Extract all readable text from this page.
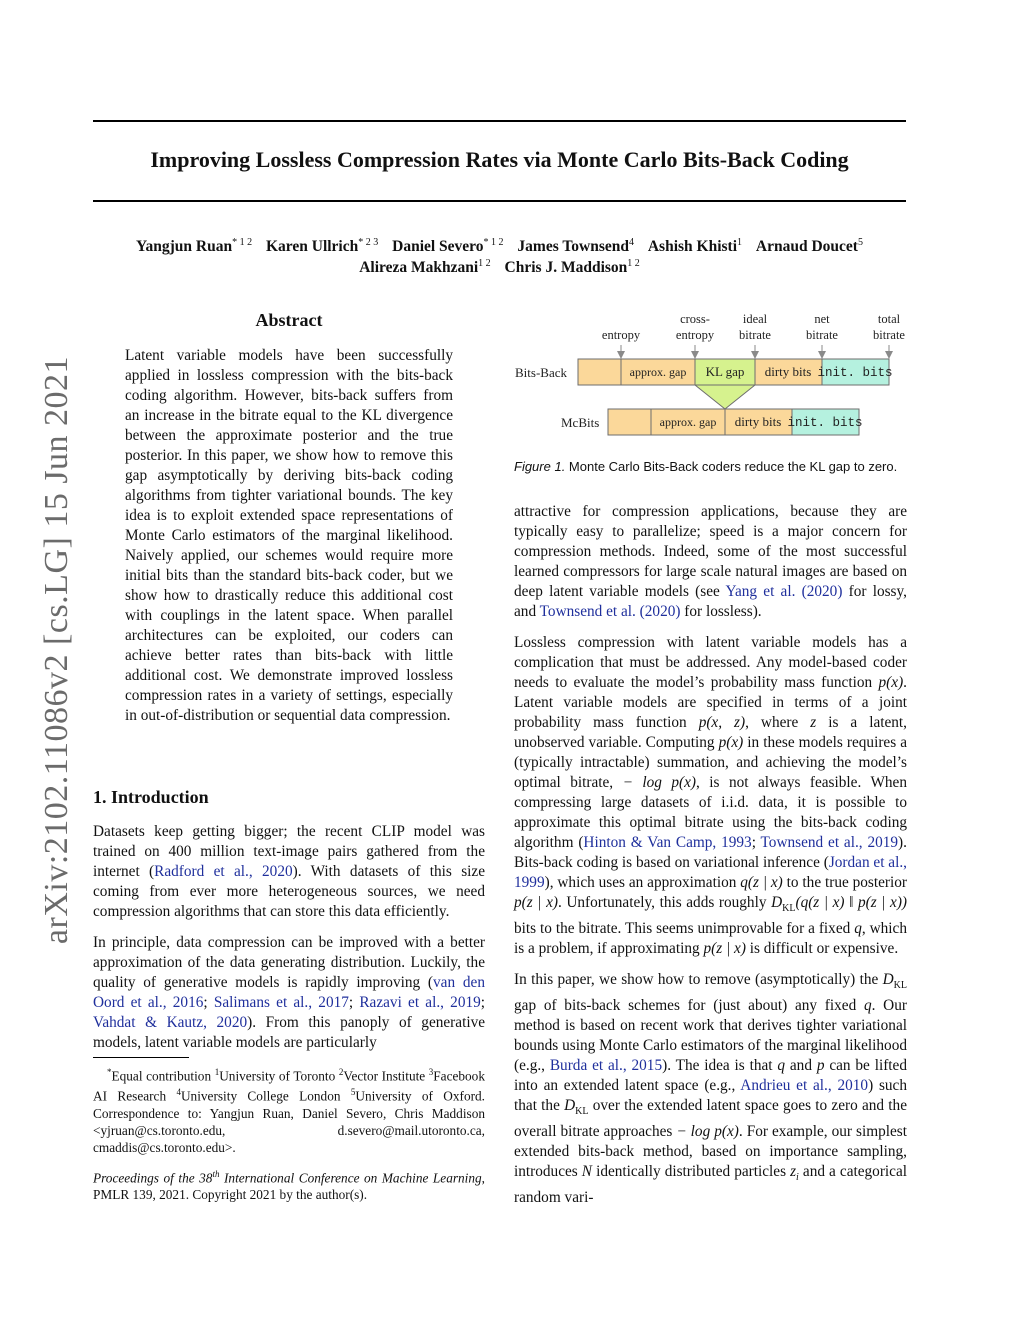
Improving Lossless Compression Rates via Monte Carlo Bits-Back Coding
Yangjun Ruan$^{* 1 2}$ Karen Ullrich$^{* 2 3}$ Daniel Severo$^{* 1 2}$ James Townsend$^4$ Ashish Khisti$^1$ Arnaud Doucet$^5$
Alireza Makhzani$^{1 2}$ Chris J. Maddison$^{1 2}$
arXiv:2102.11086v2 [cs.LG] 15 Jun 2021
Abstract

Latent variable models have been successfully applied in lossless compression with the bits-back coding algorithm. However, bits-back suffers from an increase in the bitrate equal to the KL divergence between the approximate posterior and the true posterior. In this paper, we show how to remove this gap asymptotically by deriving bits-back coding algorithms from tighter variational bounds. The key idea is to exploit extended space representations of Monte Carlo estimators of the marginal likelihood. Naively applied, our schemes would require more initial bits than the standard bits-back coder, but we show how to drastically reduce this additional cost with couplings in the latent space. When parallel architectures can be exploited, our coders can achieve better rates than bits-back with little additional cost. We demonstrate improved lossless compression rates in a variety of settings, especially in out-of-distribution or sequential data compression.

1. Introduction

Datasets keep getting bigger; the recent CLIP model was trained on 400 million text-image pairs gathered from the internet (Radford et al., 2020). With datasets of this size coming from ever more heterogeneous sources, we need compression algorithms that can store this data efficiently.

In principle, data compression can be improved with a better approximation of the data generating distribution. Luckily, the quality of generative models is rapidly improving (van den Oord et al., 2016; Salimans et al., 2017; Razavi et al., 2019; Vahdat & Kautz, 2020). From this panoply of generative models, latent variable models are particularly

*Equal contribution $^1$University of Toronto $^2$Vector Institute $^3$Facebook AI Research $^4$University College London $^5$University of Oxford. Correspondence to: Yangjun Ruan, Daniel Severo, Chris Maddison <yjruan@cs.toronto.edu, d.severo@mail.utoronto.ca, cmaddis@cs.toronto.edu>.
Proceedings of the 38th International Conference on Machine Learning, PMLR 139, 2021. Copyright 2021 by the author(s).
entropy
cross-
entropy
ideal
bitrate
net
bitrate
total
bitrate
Bits-Back	approx. gap KL gap dirty bits init. bits
McBits	approx. gap dirty bits init. bits
Figure 1. Monte Carlo Bits-Back coders reduce the KL gap to zero.

attractive for compression applications, because they are typically easy to parallelize; speed is a major concern for compression methods. Indeed, some of the most successful learned compressors for large scale natural images are based on deep latent variable models (see Yang et al. (2020) for lossy, and Townsend et al. (2020) for lossless).

Lossless compression with latent variable models has a complication that must be addressed. Any model-based coder needs to evaluate the model’s probability mass function p(x). Latent variable models are specified in terms of a joint probability mass function p(x, z), where z is a latent, unobserved variable. Computing p(x) in these models requires a (typically intractable) summation, and achieving the model’s optimal bitrate, − log p(x), is not always feasible. When compressing large datasets of i.i.d. data, it is possible to approximate this optimal bitrate using the bits-back coding algorithm (Hinton & Van Camp, 1993; Townsend et al., 2019). Bits-back coding is based on variational inference (Jordan et al., 1999), which uses an approximation q(z | x) to the true posterior p(z | x). Unfortunately, this adds roughly $D_{KL}(q(z$ | x) ‖ p(z | x)) bits to the bitrate. This seems unimprovable for a fixed q, which is a problem, if approximating p(z | x) is difficult or expensive.

In this paper, we show how to remove (asymptotically) the $D_{KL}$ gap of bits-back schemes for (just about) any fixed q. Our method is based on recent work that derives tighter variational bounds using Monte Carlo estimators of the marginal likelihood (e.g., Burda et al., 2015). The idea is that q and p can be lifted into an extended latent space (e.g., Andrieu et al., 2010) such that the $D_{KL}$ over the extended latent space goes to zero and the overall bitrate approaches − log p(x). For example, our simplest extended bits-back method, based on importance sampling, introduces N identically distributed particles $z_i$ and a categorical random vari-
